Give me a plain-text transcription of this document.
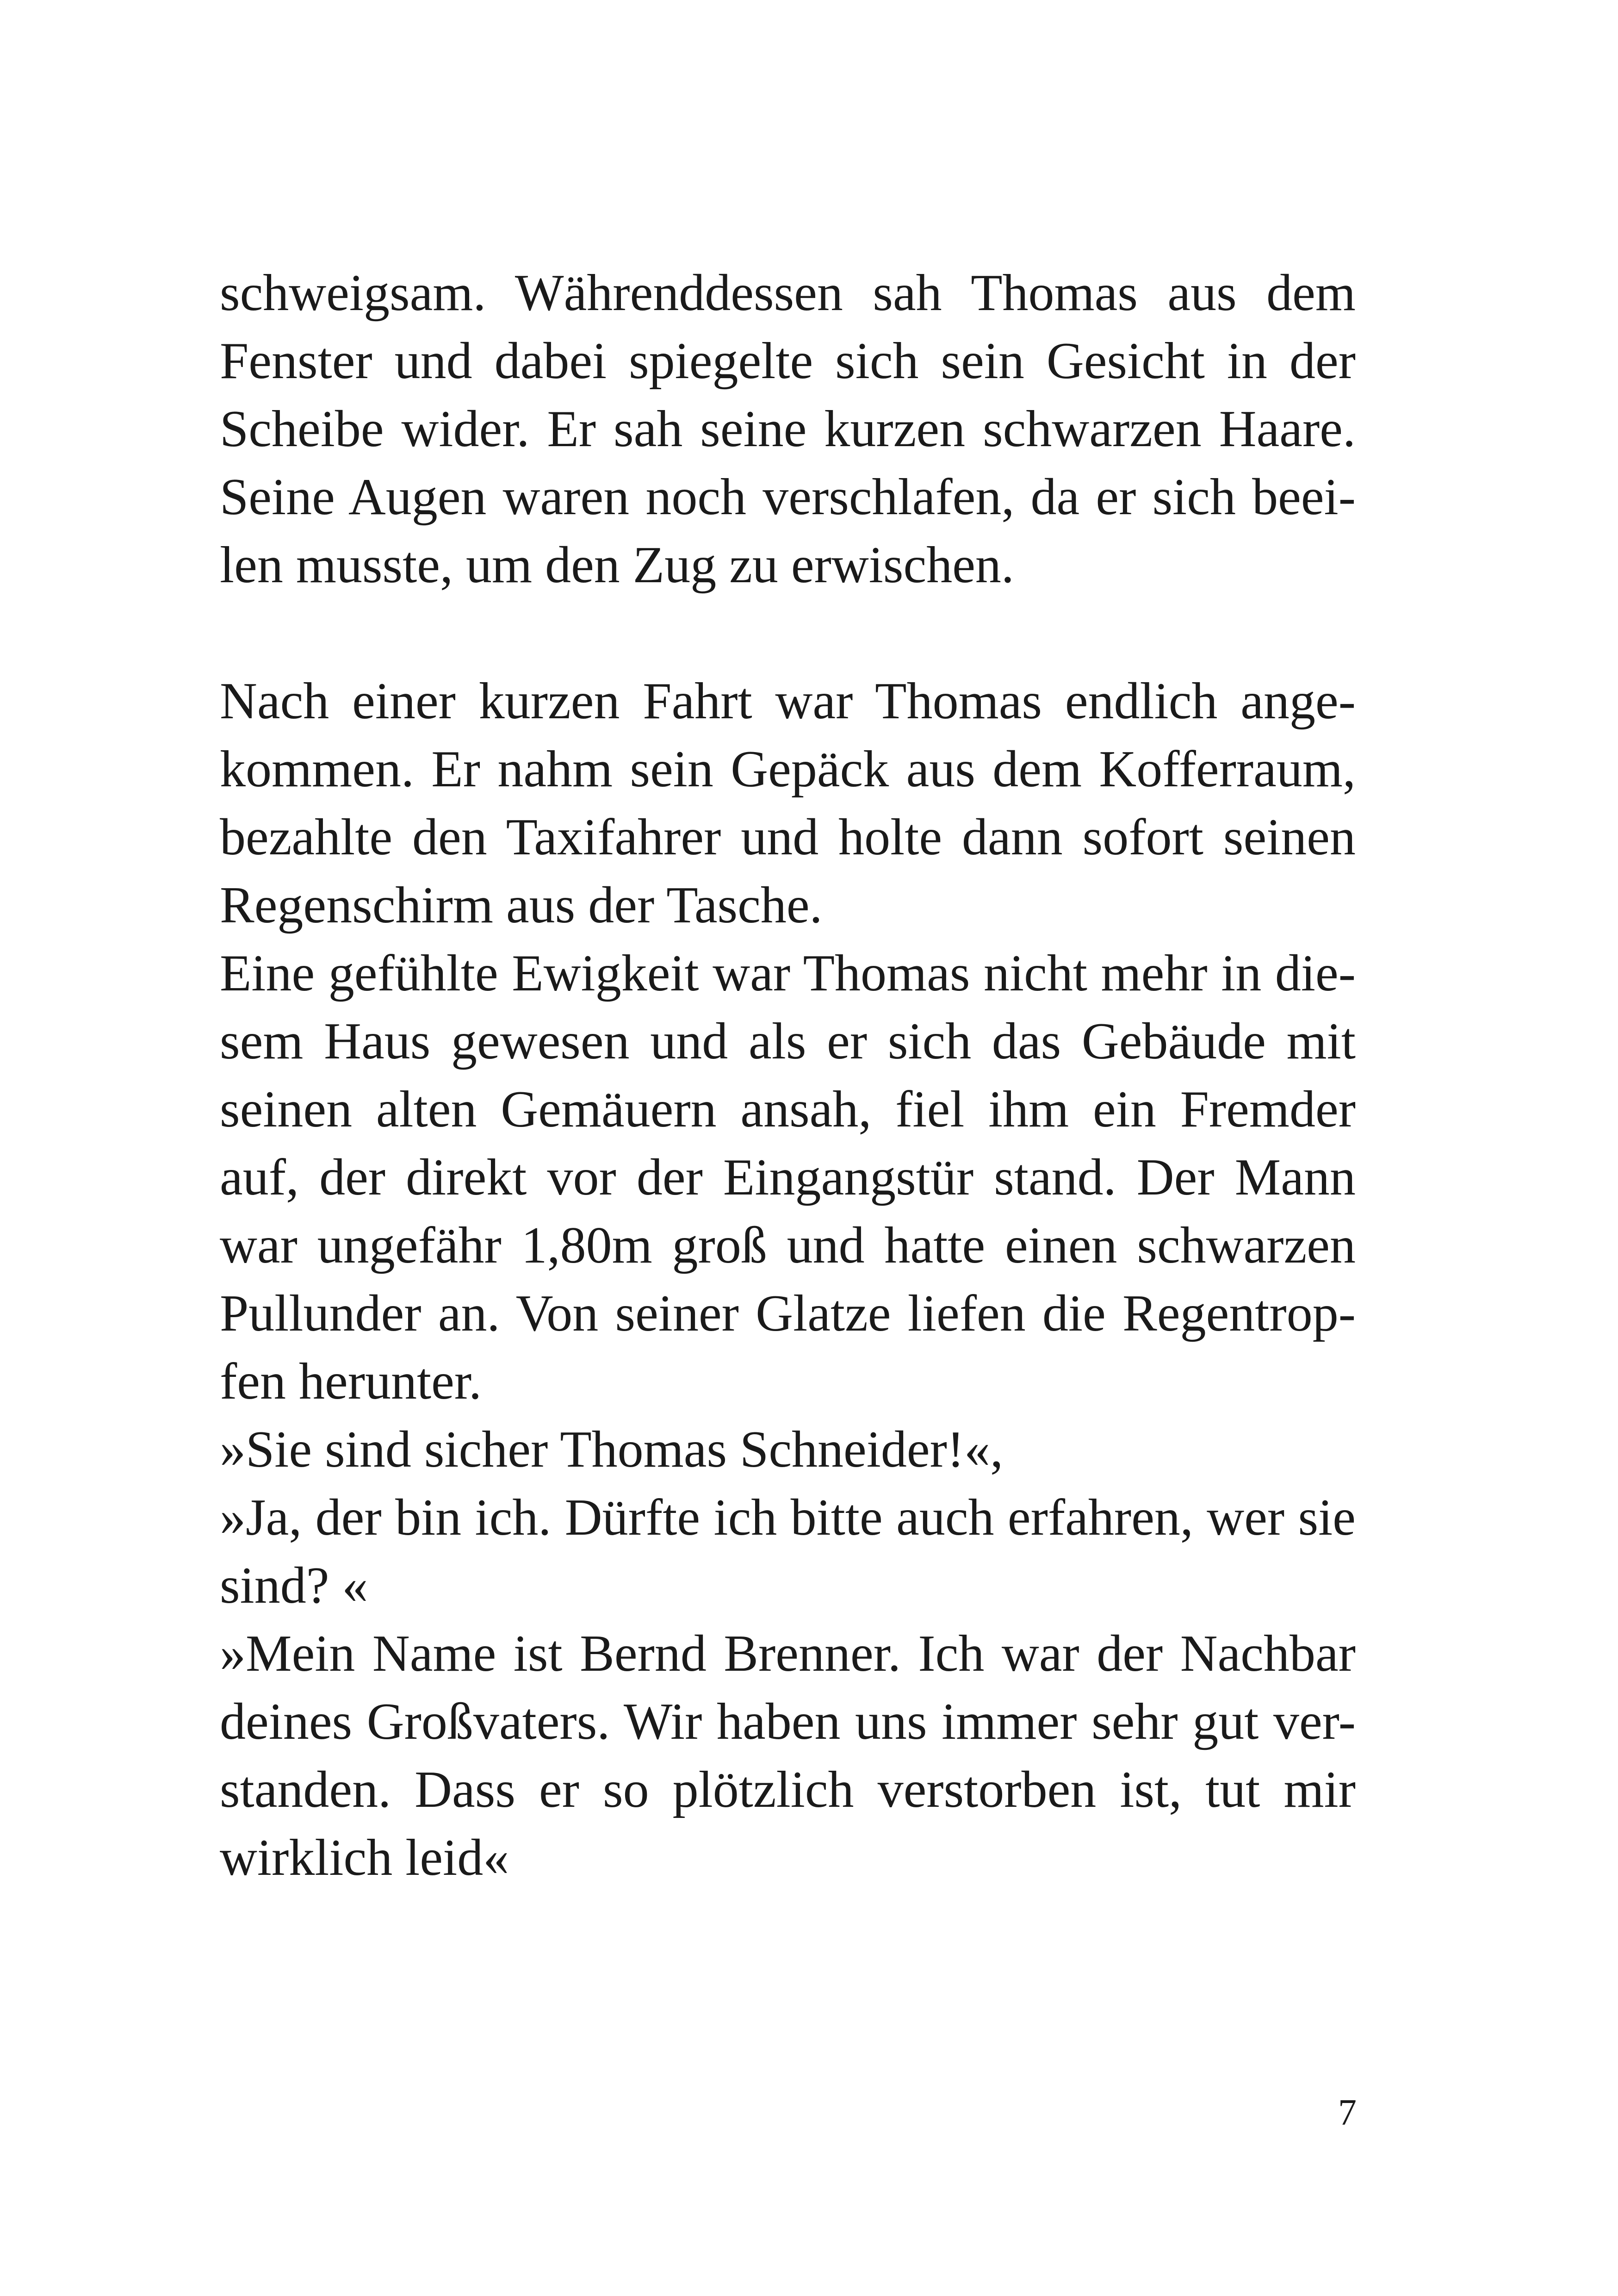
schweigsam. Währenddessen sah Thomas aus dem
Fenster und dabei spiegelte sich sein Gesicht in der
Scheibe wider. Er sah seine kurzen schwarzen Haare.
Seine Augen waren noch verschlafen, da er sich beei-
len musste, um den Zug zu erwischen.
Nach einer kurzen Fahrt war Thomas endlich ange-
kommen. Er nahm sein Gepäck aus dem Kofferraum,
bezahlte den Taxifahrer und holte dann sofort seinen
Regenschirm aus der Tasche.
Eine gefühlte Ewigkeit war Thomas nicht mehr in die-
sem Haus gewesen und als er sich das Gebäude mit
seinen alten Gemäuern ansah, fiel ihm ein Fremder
auf, der direkt vor der Eingangstür stand. Der Mann
war ungefähr 1,80m groß und hatte einen schwarzen
Pullunder an. Von seiner Glatze liefen die Regentrop-
fen herunter.
»Sie sind sicher Thomas Schneider!«,
»Ja, der bin ich. Dürfte ich bitte auch erfahren, wer sie
sind? «
»Mein Name ist Bernd Brenner. Ich war der Nachbar
deines Großvaters. Wir haben uns immer sehr gut ver-
standen. Dass er so plötzlich verstorben ist, tut mir
wirklich leid«
7
